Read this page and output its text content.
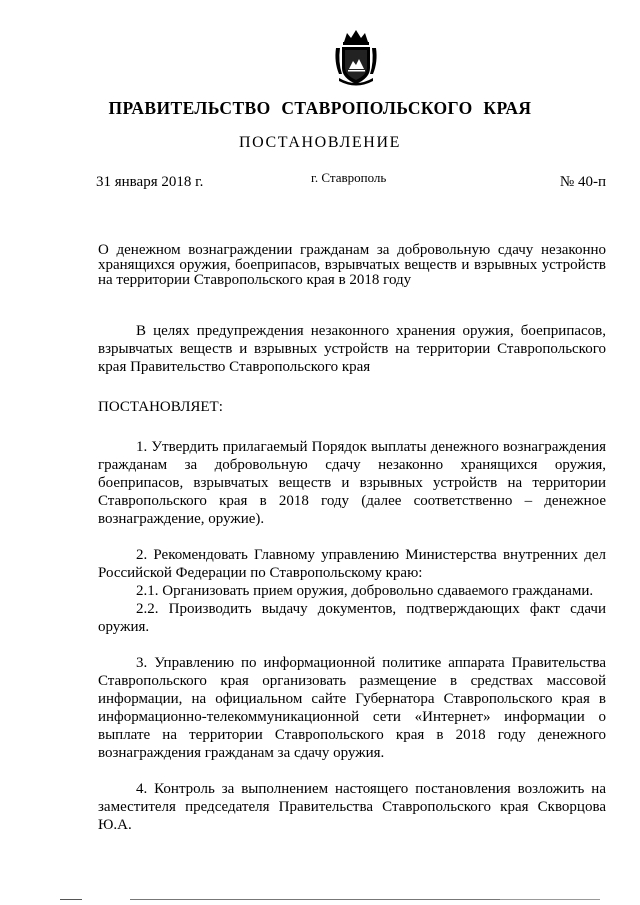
ПРАВИТЕЛЬСТВО СТАВРОПОЛЬСКОГО КРАЯ
ПОСТАНОВЛЕНИЕ
31 января 2018 г.	г. Ставрополь	№ 40-п
О денежном вознаграждении гражданам за добровольную сдачу незаконно хранящихся оружия, боеприпасов, взрывчатых веществ и взрывных устройств на территории Ставропольского края в 2018 году

В целях предупреждения незаконного хранения оружия, боеприпасов, взрывчатых веществ и взрывных устройств на территории Ставропольского края Правительство Ставропольского края

ПОСТАНОВЛЯЕТ:

1. Утвердить прилагаемый Порядок выплаты денежного вознаграждения гражданам за добровольную сдачу незаконно хранящихся оружия, боеприпасов, взрывчатых веществ и взрывных устройств на территории Ставропольского края в 2018 году (далее соответственно – денежное вознаграждение, оружие).

2. Рекомендовать Главному управлению Министерства внутренних дел Российской Федерации по Ставропольскому краю:

2.1. Организовать прием оружия, добровольно сдаваемого гражданами.

2.2. Производить выдачу документов, подтверждающих факт сдачи оружия.

3. Управлению по информационной политике аппарата Правительства Ставропольского края организовать размещение в средствах массовой информации, на официальном сайте Губернатора Ставропольского края в информационно-телекоммуникационной сети «Интернет» информации о выплате на территории Ставропольского края в 2018 году денежного вознаграждения гражданам за сдачу оружия.

4. Контроль за выполнением настоящего постановления возложить на заместителя председателя Правительства Ставропольского края Скворцова Ю.А.
